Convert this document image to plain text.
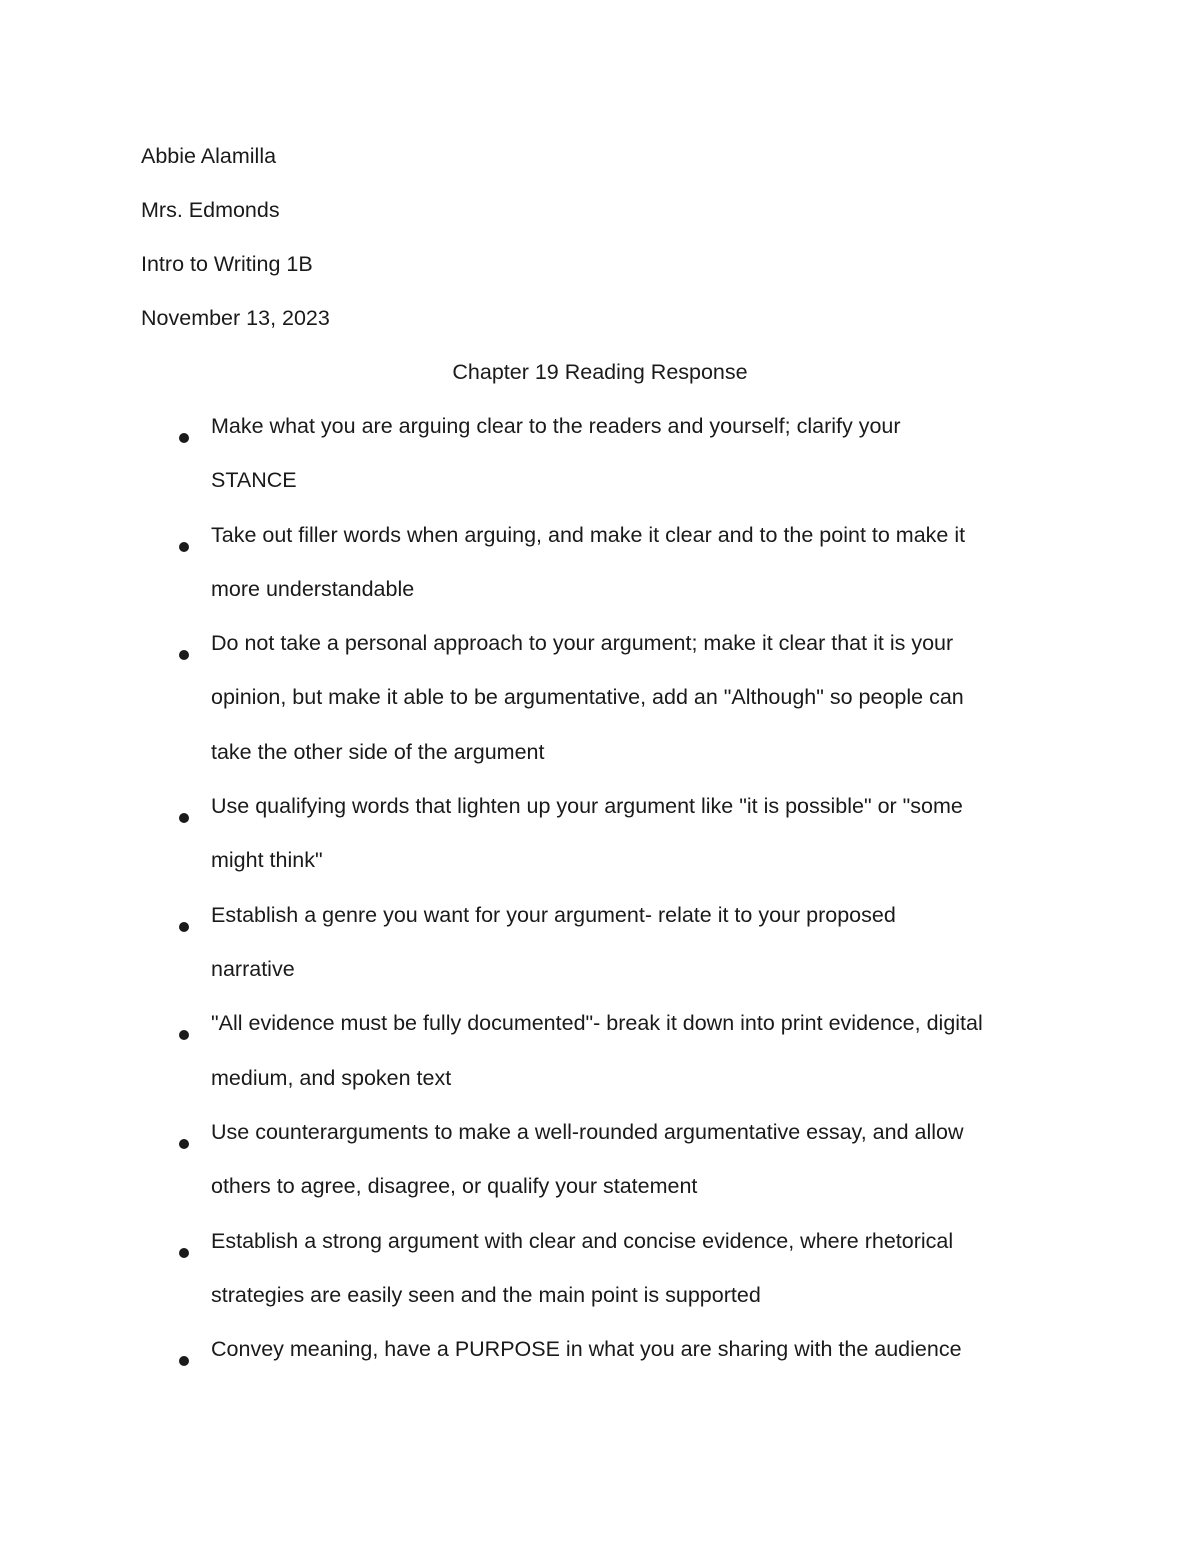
Abbie Alamilla
Mrs. Edmonds
Intro to Writing 1B
November 13, 2023
Chapter 19 Reading Response
Make what you are arguing clear to the readers and yourself; clarify your
STANCE
Take out filler words when arguing, and make it clear and to the point to make it
more understandable
Do not take a personal approach to your argument; make it clear that it is your
opinion, but make it able to be argumentative, add an "Although" so people can
take the other side of the argument
Use qualifying words that lighten up your argument like "it is possible" or "some
might think"
Establish a genre you want for your argument- relate it to your proposed
narrative
"All evidence must be fully documented"- break it down into print evidence, digital
medium, and spoken text
Use counterarguments to make a well-rounded argumentative essay, and allow
others to agree, disagree, or qualify your statement
Establish a strong argument with clear and concise evidence, where rhetorical
strategies are easily seen and the main point is supported
Convey meaning, have a PURPOSE in what you are sharing with the audience
